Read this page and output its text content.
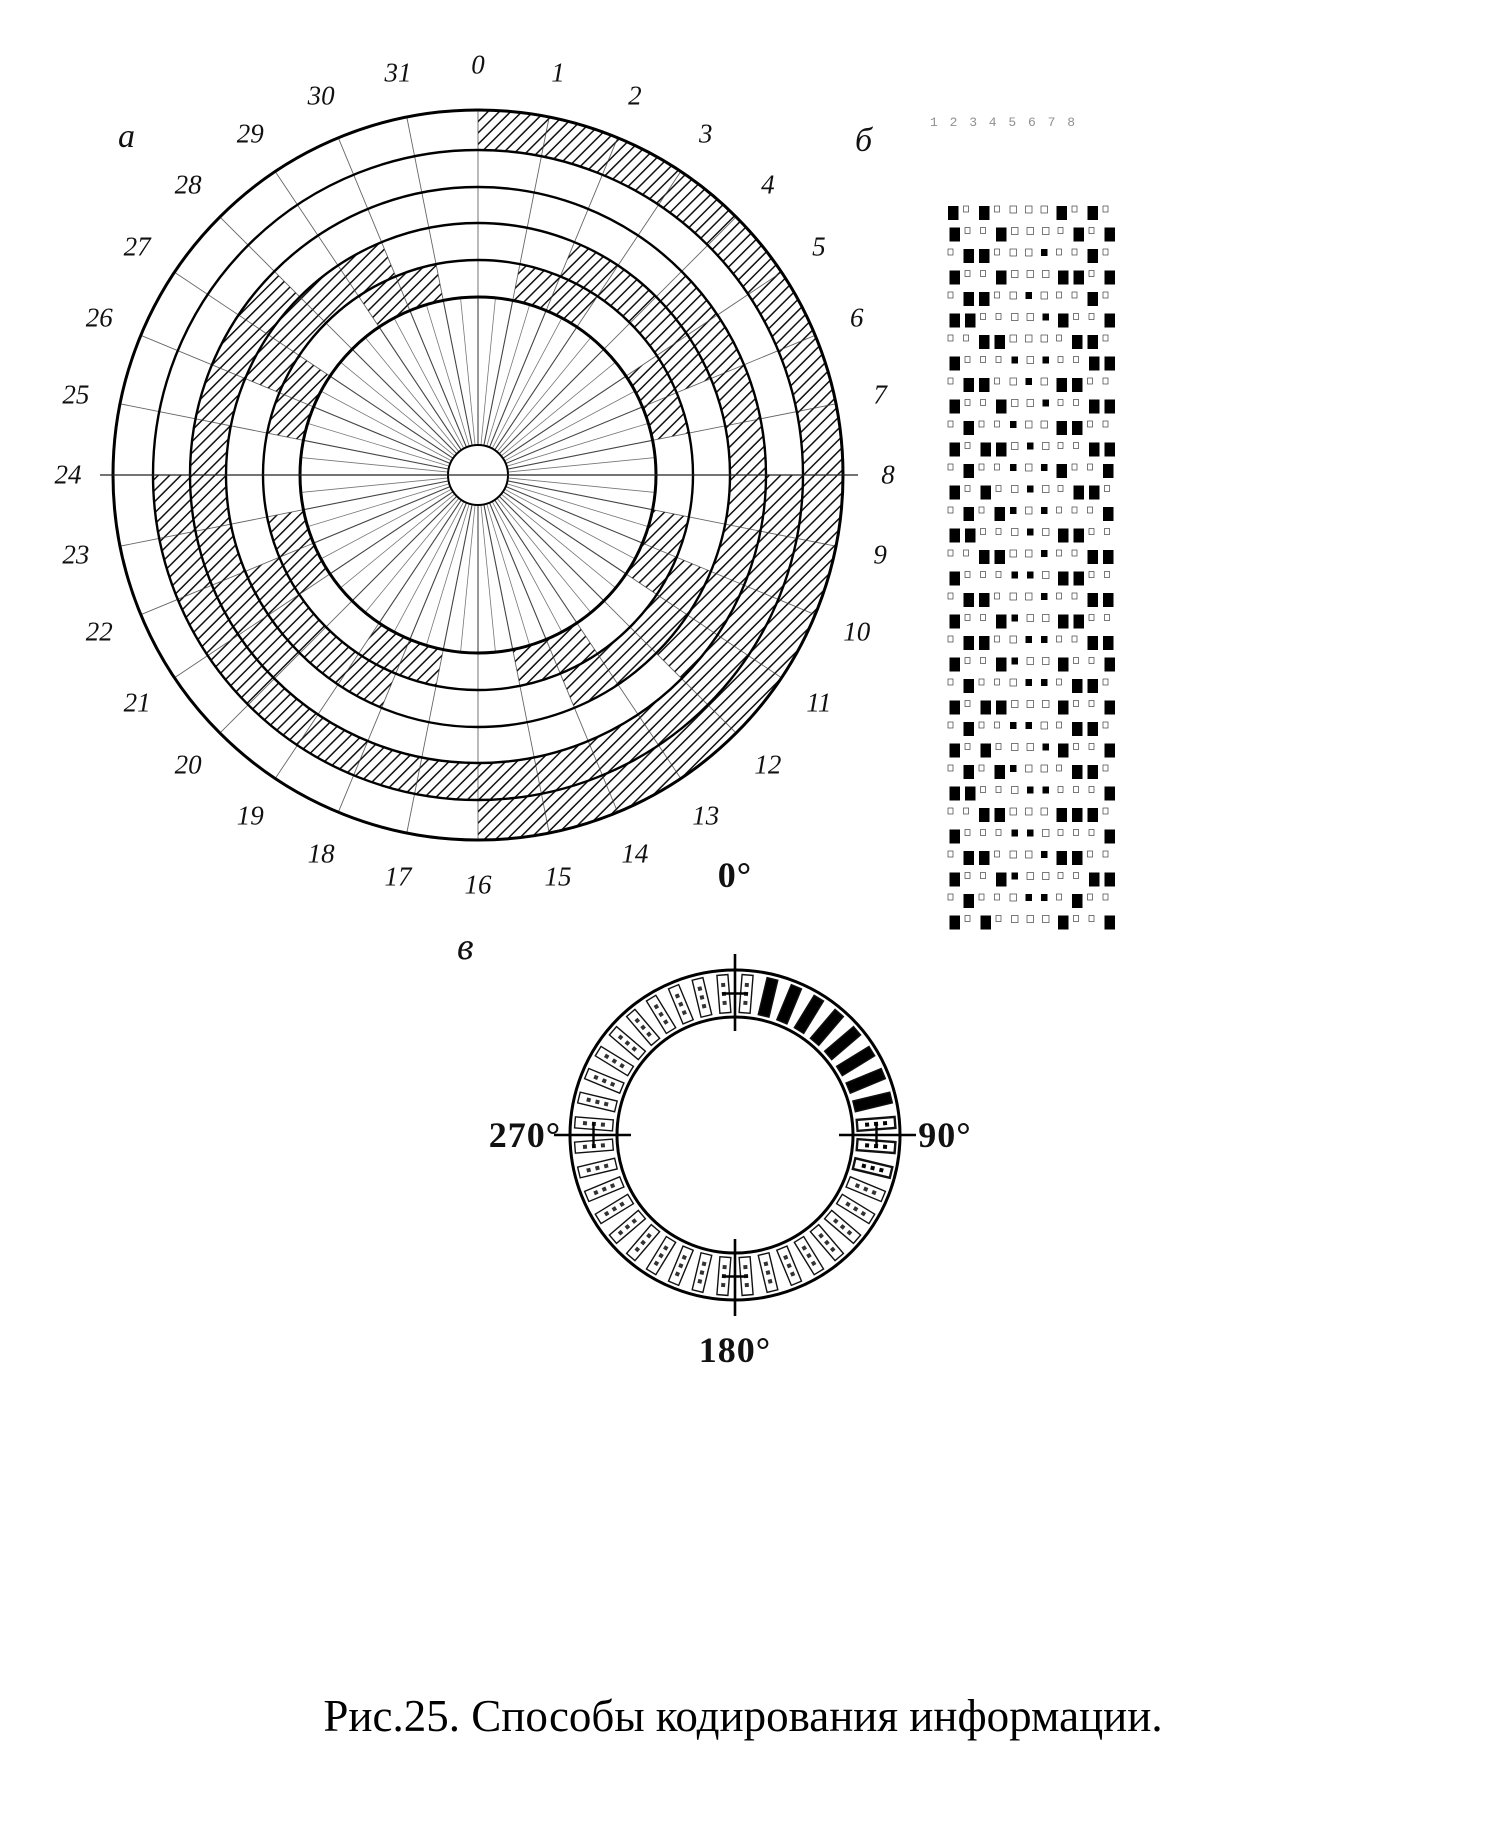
а
0 1
2
3
4
5
6
7
8
9
10
11
12
13
14
15
16
17
18
19
20
21
22
23
24
25
26
27
28
29
30
31
б	1 2 3 4 5 6 7 8
в
0°
90°
180°
270°
Рис.25. Способы кодирования информации.
